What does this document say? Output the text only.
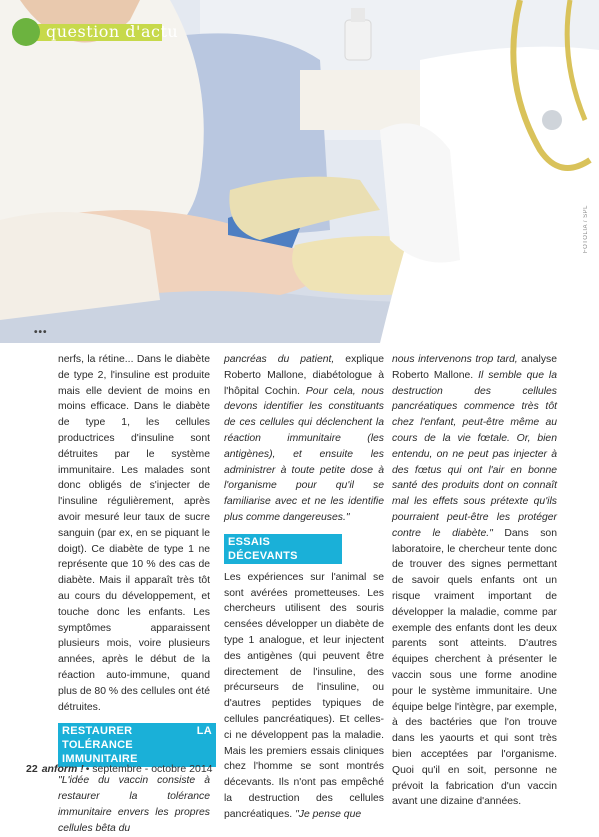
FOTOLIA / SPL
question d'actu
•••

nerfs, la rétine... Dans le diabète de type 2, l'insuline est produite mais elle devient de moins en moins efficace. Dans le diabète de type 1, les cellules productrices d'insuline sont détruites par le système immunitaire. Les malades sont donc obligés de s'injecter de l'insuline régulièrement, après avoir mesuré leur taux de sucre sanguin (par ex, en se piquant le doigt). Ce diabète de type 1 ne représente que 10 % des cas de diabète. Mais il apparaît très tôt au cours du développement, et touche donc les enfants. Les symptômes apparaissent plusieurs mois, voire plusieurs années, après le début de la réaction auto-immune, quand plus de 80 % des cellules ont été détruites.

RESTAURER LA TOLÉRANCE IMMUNITAIRE

"L'idée du vaccin consiste à restaurer la tolérance immunitaire envers les propres cellules bêta du

pancréas du patient, explique Roberto Mallone, diabétologue à l'hôpital Cochin. Pour cela, nous devons identifier les constituants de ces cellules qui déclenchent la réaction immunitaire (les antigènes), et ensuite les administrer à toute petite dose à l'organisme pour qu'il se familiarise avec et ne les identifie plus comme dangereuses."

ESSAIS DÉCEVANTS

Les expériences sur l'animal se sont avérées prometteuses. Les chercheurs utilisent des souris censées développer un diabète de type 1 analogue, et leur injectent des antigènes (qui peuvent être directement de l'insuline, des précurseurs de l'insuline, ou d'autres peptides typiques de cellules pancréatiques). Et celles-ci ne développent pas la maladie. Mais les premiers essais cliniques chez l'homme se sont montrés décevants. Ils n'ont pas empêché la destruction des cellules pancréatiques. "Je pense que

nous intervenons trop tard, analyse Roberto Mallone. Il semble que la destruction des cellules pancréatiques commence très tôt chez l'enfant, peut-être même au cours de la vie fœtale. Or, bien entendu, on ne peut pas injecter à des fœtus qui ont l'air en bonne santé des produits dont on connaît mal les effets sous prétexte qu'ils pourraient peut-être les protéger contre le diabète." Dans son laboratoire, le chercheur tente donc de trouver des signes permettant de savoir quels enfants ont un risque vraiment important de développer la maladie, comme par exemple des enfants dont les deux parents sont atteints. D'autres équipes cherchent à présenter le vaccin sous une forme anodine pour le système immunitaire. Une équipe belge l'intègre, par exemple, à des bactéries que l'on trouve dans les yaourts et qui sont très bien acceptées par l'organisme. Quoi qu'il en soit, personne ne prévoit la fabrication d'un vaccin avant une dizaine d'années.

22 anform ! • septembre - octobre 2014
